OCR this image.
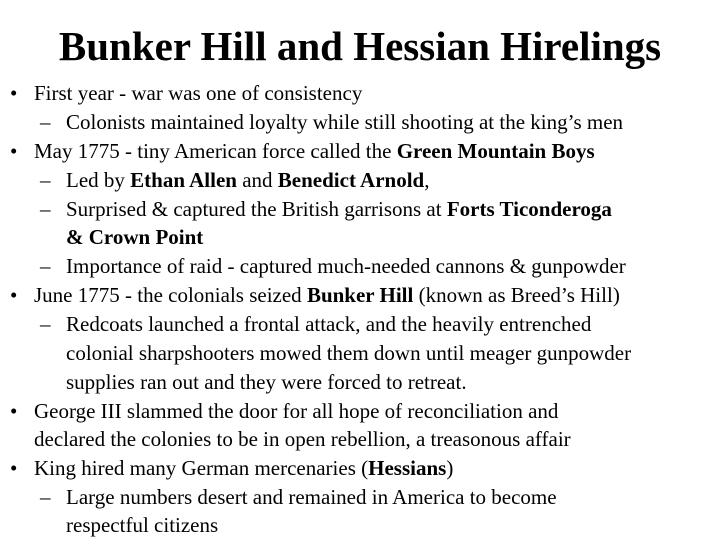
Bunker Hill and Hessian Hirelings
• First year - war was one of consistency
– Colonists maintained loyalty while still shooting at the king’s men
• May 1775 - tiny American force called the Green Mountain Boys
– Led by Ethan Allen and Benedict Arnold,
– Surprised & captured the British garrisons at Forts Ticonderoga
& Crown Point
– Importance of raid - captured much-needed cannons & gunpowder
• June 1775 - the colonials seized Bunker Hill (known as Breed’s Hill)
– Redcoats launched a frontal attack, and the heavily entrenched
colonial sharpshooters mowed them down until meager gunpowder
supplies ran out and they were forced to retreat.
• George III slammed the door for all hope of reconciliation and
declared the colonies to be in open rebellion, a treasonous affair
• King hired many German mercenaries (Hessians)
– Large numbers desert and remained in America to become
respectful citizens
